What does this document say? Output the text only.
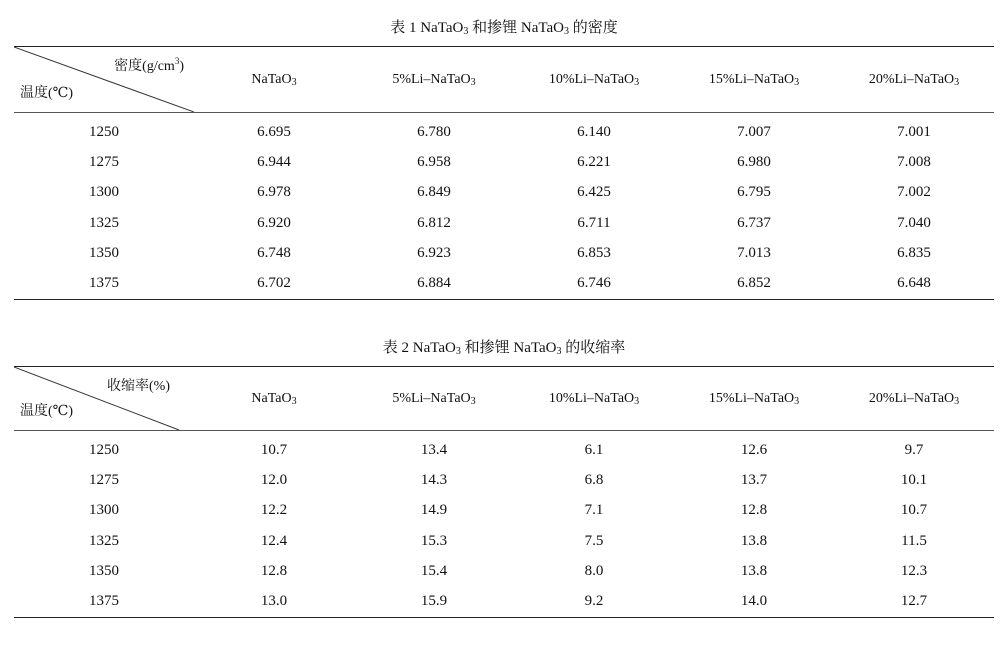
表 1 NaTaO$_3$ 和掺锂 NaTaO$_3$ 的密度
密度$(g/cm^3)$
温度(℃)	NaTaO$_3$	5%Li–NaTaO$_3$	10%Li–NaTaO$_3$	15%Li–NaTaO$_3$	20%Li–NaTaO$_3$
1250	6.695	6.780	6.140	7.007	7.001
1275	6.944	6.958	6.221	6.980	7.008
1300	6.978	6.849	6.425	6.795	7.002
1325	6.920	6.812	6.711	6.737	7.040
1350	6.748	6.923	6.853	7.013	6.835
1375	6.702	6.884	6.746	6.852	6.648
表 2 NaTaO$_3$ 和掺锂 NaTaO$_3$ 的收缩率
收缩率(%)
温度(℃)	NaTaO$_3$	5%Li–NaTaO$_3$	10%Li–NaTaO$_3$	15%Li–NaTaO$_3$	20%Li–NaTaO$_3$
1250	10.7	13.4	6.1	12.6	9.7
1275	12.0	14.3	6.8	13.7	10.1
1300	12.2	14.9	7.1	12.8	10.7
1325	12.4	15.3	7.5	13.8	11.5
1350	12.8	15.4	8.0	13.8	12.3
1375	13.0	15.9	9.2	14.0	12.7
